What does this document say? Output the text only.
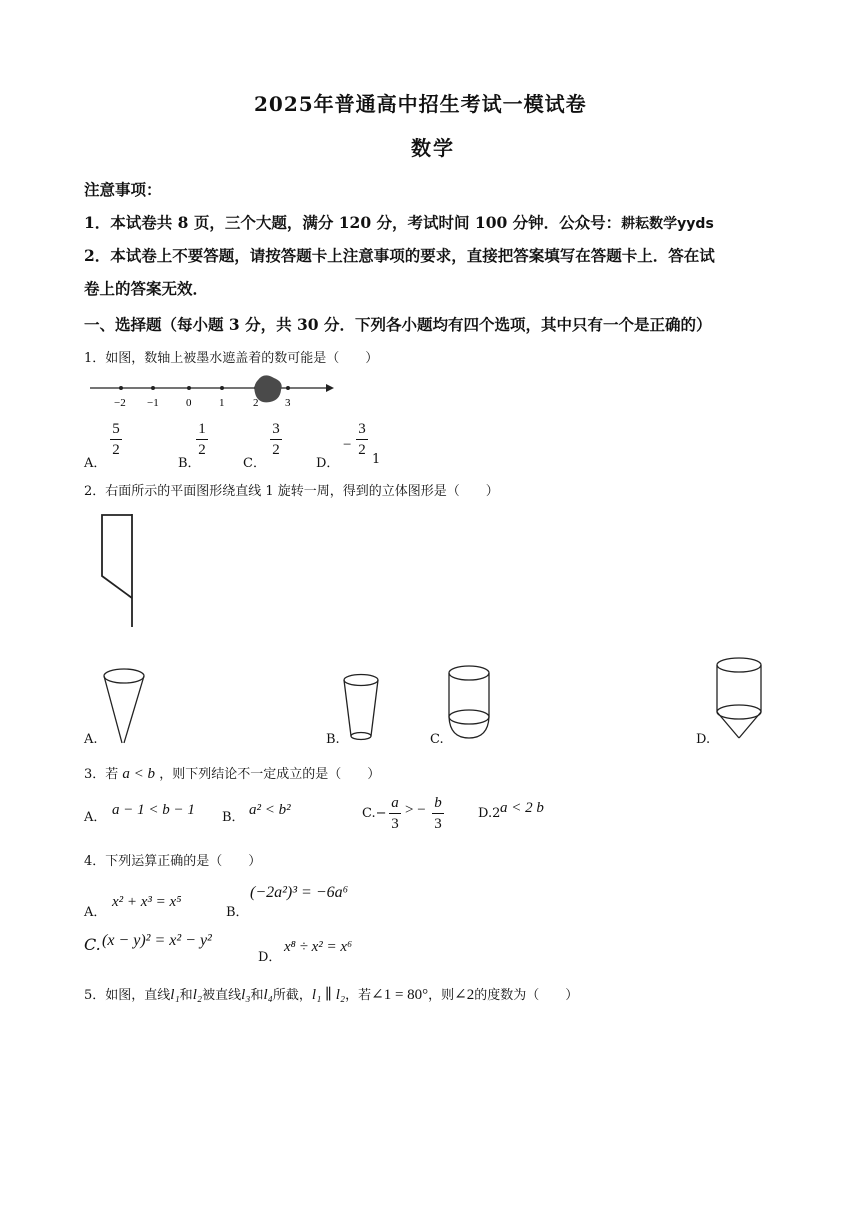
2025年普通高中招生考试一模试卷
数学
注意事项：
1．本试卷共 8 页，三个大题，满分 120 分，考试时间 100 分钟．公众号：耕耘数学yyds
2．本试卷上不要答题，请按答题卡上注意事项的要求，直接把答案填写在答题卡上．答在试
卷上的答案无效．
一、选择题（每小题 3 分，共 30 分．下列各小题均有四个选项，其中只有一个是正确的）
1．如图，数轴上被墨水遮盖着的数可能是（　　）
−2 −1 0	1	2 3
A．
5
2
B．
1
2
C．
3
2
D．
−
3
2
1
2．右面所示的平面图形绕直线 1 旋转一周，得到的立体图形是（　　）
A.	B.	C.	D.
3．若 a < b ，则下列结论不一定成立的是（　　）
A． a − 1 < b − 1 B． a² < b²	C.−
a
3
> − b
3
D.2 a < 2 b
4．下列运算正确的是（　　）
A．
x² + x³ = x⁵
B．
(−2a²)³ = −6a⁶
C. (x − y)² = x² − y²
D．
x⁸ ÷ x² = x⁶
5．如图，直线l₁和l₂被直线l₃和l₄所截，l₁ ∥ l₂，若∠1 = 80°，则∠2的度数为（　　）
